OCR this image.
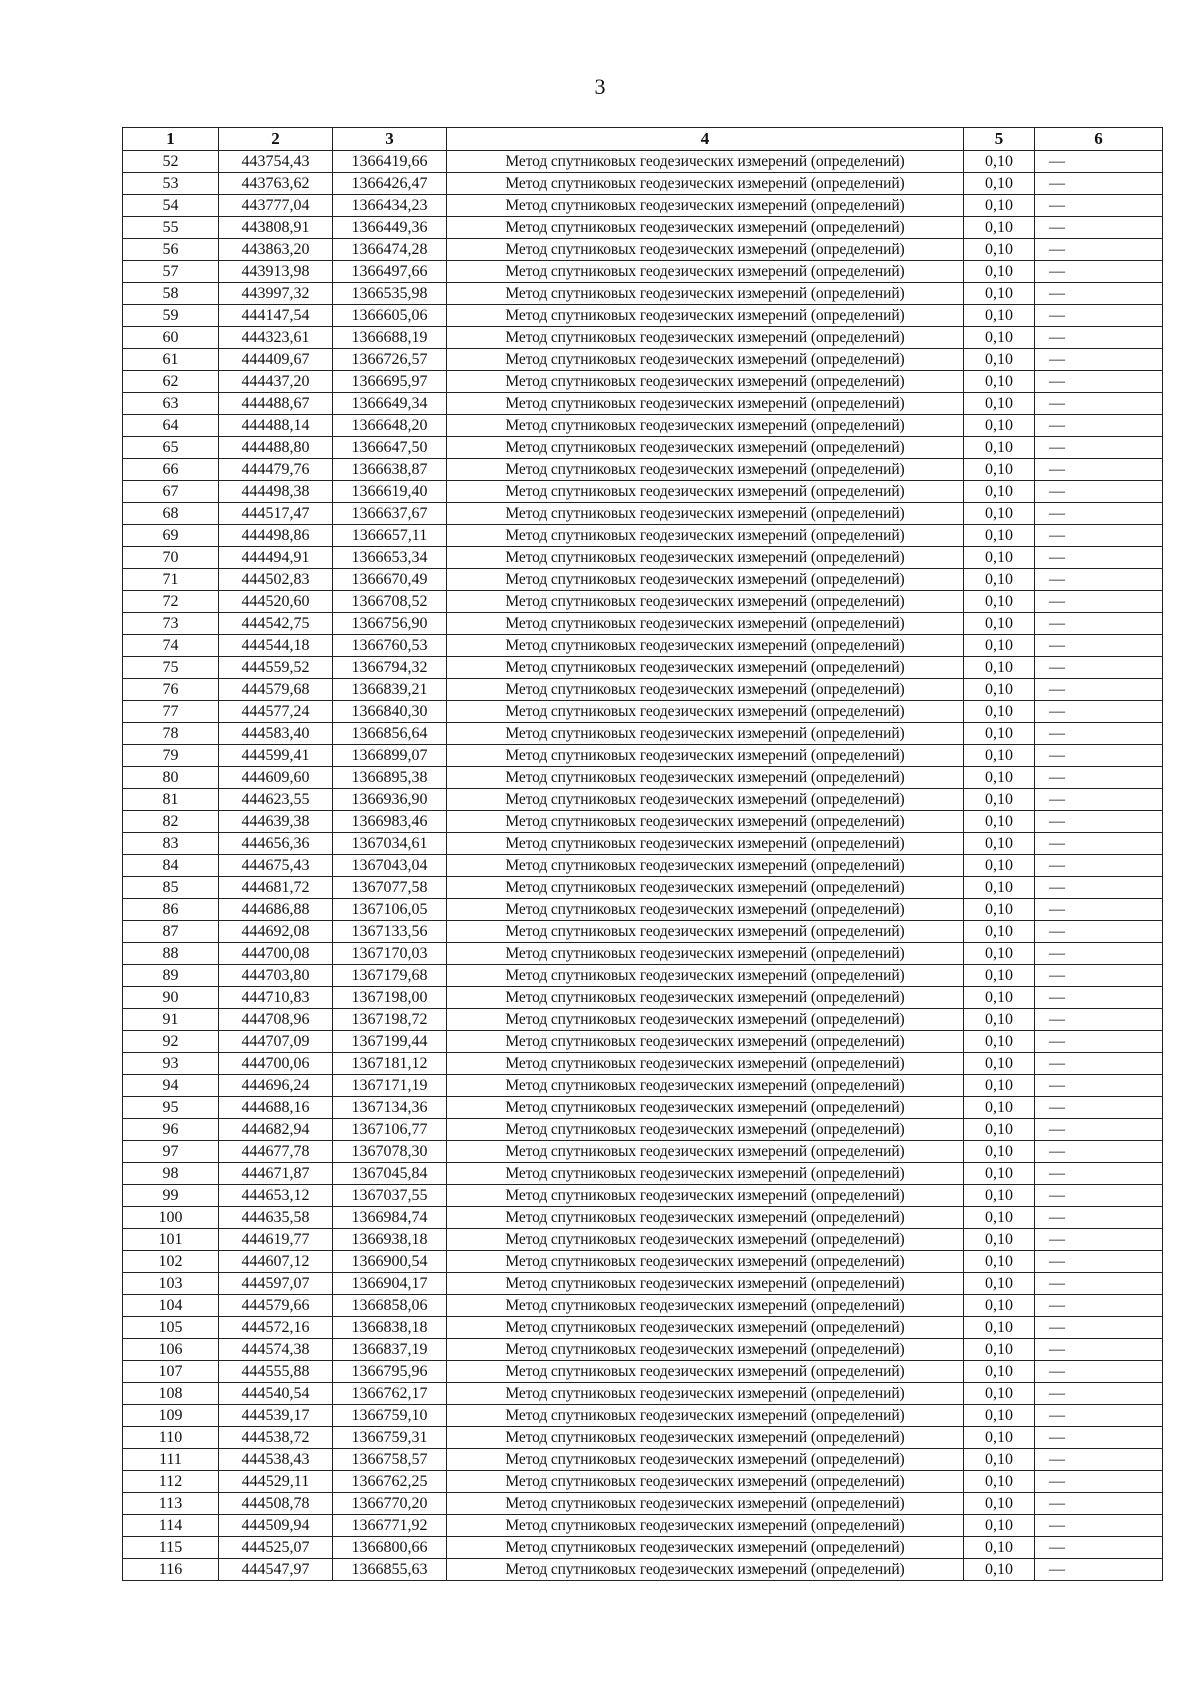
3
1	2	3	4	5	6
52	443754,43	1366419,66	Метод спутниковых геодезических измерений (определений)	0,10	—
53	443763,62	1366426,47	Метод спутниковых геодезических измерений (определений)	0,10	—
54	443777,04	1366434,23	Метод спутниковых геодезических измерений (определений)	0,10	—
55	443808,91	1366449,36	Метод спутниковых геодезических измерений (определений)	0,10	—
56	443863,20	1366474,28	Метод спутниковых геодезических измерений (определений)	0,10	—
57	443913,98	1366497,66	Метод спутниковых геодезических измерений (определений)	0,10	—
58	443997,32	1366535,98	Метод спутниковых геодезических измерений (определений)	0,10	—
59	444147,54	1366605,06	Метод спутниковых геодезических измерений (определений)	0,10	—
60	444323,61	1366688,19	Метод спутниковых геодезических измерений (определений)	0,10	—
61	444409,67	1366726,57	Метод спутниковых геодезических измерений (определений)	0,10	—
62	444437,20	1366695,97	Метод спутниковых геодезических измерений (определений)	0,10	—
63	444488,67	1366649,34	Метод спутниковых геодезических измерений (определений)	0,10	—
64	444488,14	1366648,20	Метод спутниковых геодезических измерений (определений)	0,10	—
65	444488,80	1366647,50	Метод спутниковых геодезических измерений (определений)	0,10	—
66	444479,76	1366638,87	Метод спутниковых геодезических измерений (определений)	0,10	—
67	444498,38	1366619,40	Метод спутниковых геодезических измерений (определений)	0,10	—
68	444517,47	1366637,67	Метод спутниковых геодезических измерений (определений)	0,10	—
69	444498,86	1366657,11	Метод спутниковых геодезических измерений (определений)	0,10	—
70	444494,91	1366653,34	Метод спутниковых геодезических измерений (определений)	0,10	—
71	444502,83	1366670,49	Метод спутниковых геодезических измерений (определений)	0,10	—
72	444520,60	1366708,52	Метод спутниковых геодезических измерений (определений)	0,10	—
73	444542,75	1366756,90	Метод спутниковых геодезических измерений (определений)	0,10	—
74	444544,18	1366760,53	Метод спутниковых геодезических измерений (определений)	0,10	—
75	444559,52	1366794,32	Метод спутниковых геодезических измерений (определений)	0,10	—
76	444579,68	1366839,21	Метод спутниковых геодезических измерений (определений)	0,10	—
77	444577,24	1366840,30	Метод спутниковых геодезических измерений (определений)	0,10	—
78	444583,40	1366856,64	Метод спутниковых геодезических измерений (определений)	0,10	—
79	444599,41	1366899,07	Метод спутниковых геодезических измерений (определений)	0,10	—
80	444609,60	1366895,38	Метод спутниковых геодезических измерений (определений)	0,10	—
81	444623,55	1366936,90	Метод спутниковых геодезических измерений (определений)	0,10	—
82	444639,38	1366983,46	Метод спутниковых геодезических измерений (определений)	0,10	—
83	444656,36	1367034,61	Метод спутниковых геодезических измерений (определений)	0,10	—
84	444675,43	1367043,04	Метод спутниковых геодезических измерений (определений)	0,10	—
85	444681,72	1367077,58	Метод спутниковых геодезических измерений (определений)	0,10	—
86	444686,88	1367106,05	Метод спутниковых геодезических измерений (определений)	0,10	—
87	444692,08	1367133,56	Метод спутниковых геодезических измерений (определений)	0,10	—
88	444700,08	1367170,03	Метод спутниковых геодезических измерений (определений)	0,10	—
89	444703,80	1367179,68	Метод спутниковых геодезических измерений (определений)	0,10	—
90	444710,83	1367198,00	Метод спутниковых геодезических измерений (определений)	0,10	—
91	444708,96	1367198,72	Метод спутниковых геодезических измерений (определений)	0,10	—
92	444707,09	1367199,44	Метод спутниковых геодезических измерений (определений)	0,10	—
93	444700,06	1367181,12	Метод спутниковых геодезических измерений (определений)	0,10	—
94	444696,24	1367171,19	Метод спутниковых геодезических измерений (определений)	0,10	—
95	444688,16	1367134,36	Метод спутниковых геодезических измерений (определений)	0,10	—
96	444682,94	1367106,77	Метод спутниковых геодезических измерений (определений)	0,10	—
97	444677,78	1367078,30	Метод спутниковых геодезических измерений (определений)	0,10	—
98	444671,87	1367045,84	Метод спутниковых геодезических измерений (определений)	0,10	—
99	444653,12	1367037,55	Метод спутниковых геодезических измерений (определений)	0,10	—
100	444635,58	1366984,74	Метод спутниковых геодезических измерений (определений)	0,10	—
101	444619,77	1366938,18	Метод спутниковых геодезических измерений (определений)	0,10	—
102	444607,12	1366900,54	Метод спутниковых геодезических измерений (определений)	0,10	—
103	444597,07	1366904,17	Метод спутниковых геодезических измерений (определений)	0,10	—
104	444579,66	1366858,06	Метод спутниковых геодезических измерений (определений)	0,10	—
105	444572,16	1366838,18	Метод спутниковых геодезических измерений (определений)	0,10	—
106	444574,38	1366837,19	Метод спутниковых геодезических измерений (определений)	0,10	—
107	444555,88	1366795,96	Метод спутниковых геодезических измерений (определений)	0,10	—
108	444540,54	1366762,17	Метод спутниковых геодезических измерений (определений)	0,10	—
109	444539,17	1366759,10	Метод спутниковых геодезических измерений (определений)	0,10	—
110	444538,72	1366759,31	Метод спутниковых геодезических измерений (определений)	0,10	—
111	444538,43	1366758,57	Метод спутниковых геодезических измерений (определений)	0,10	—
112	444529,11	1366762,25	Метод спутниковых геодезических измерений (определений)	0,10	—
113	444508,78	1366770,20	Метод спутниковых геодезических измерений (определений)	0,10	—
114	444509,94	1366771,92	Метод спутниковых геодезических измерений (определений)	0,10	—
115	444525,07	1366800,66	Метод спутниковых геодезических измерений (определений)	0,10	—
116	444547,97	1366855,63	Метод спутниковых геодезических измерений (определений)	0,10	—
